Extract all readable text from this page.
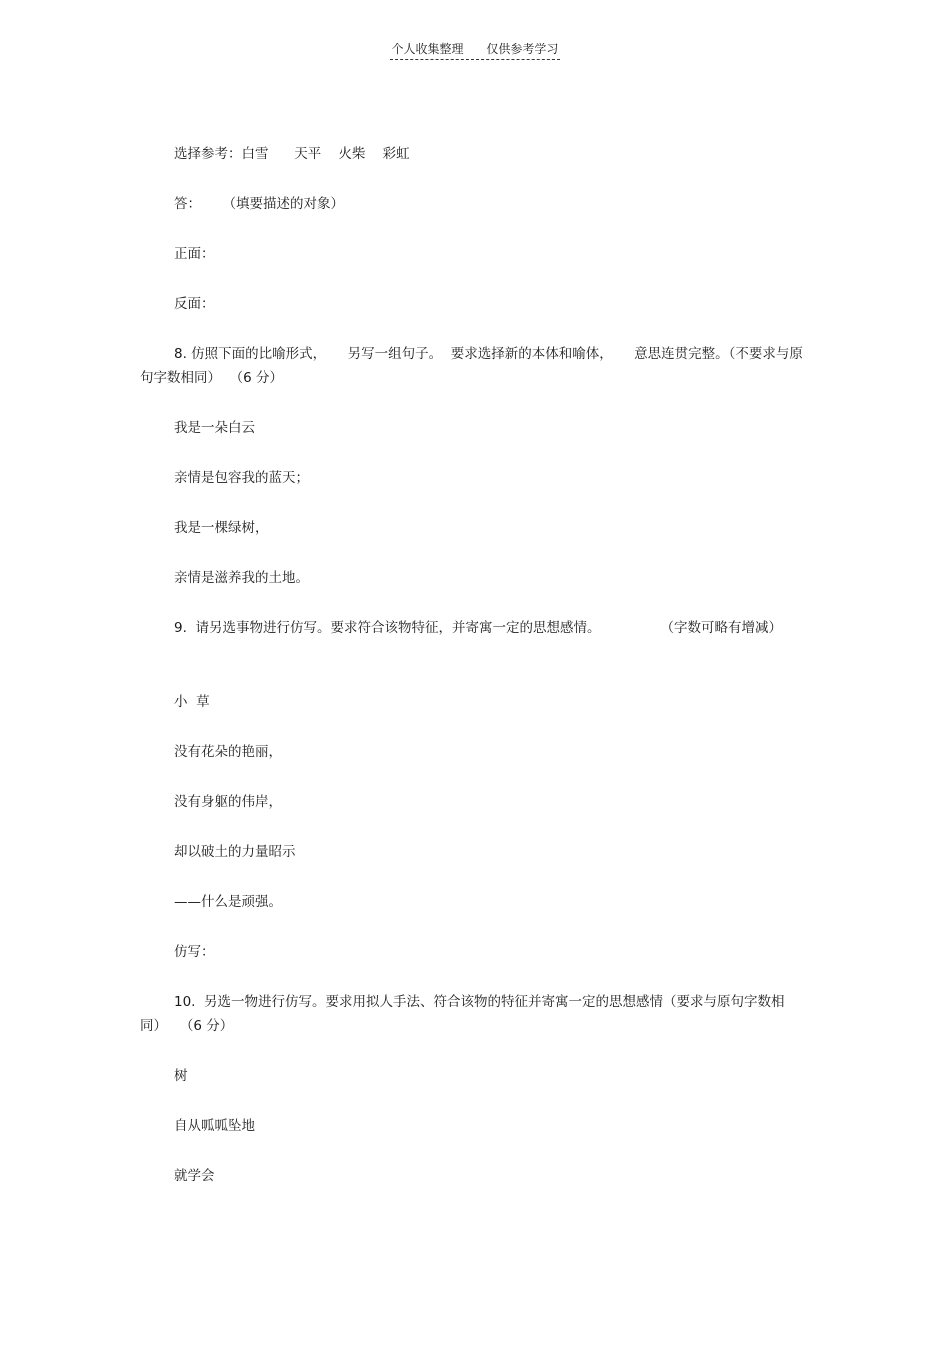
个人收集整理      仅供参考学习
选择参考：白雪      天平    火柴    彩虹
答：     （填要描述的对象）
正面：
反面：
8. 仿照下面的比喻形式，     另写一组句子。  要求选择新的本体和喻体，     意思连贯完整。（不要求与原句字数相同）  （6 分）
我是一朵白云
亲情是包容我的蓝天；
我是一棵绿树，
亲情是滋养我的土地。
9.  请另选事物进行仿写。要求符合该物特征，并寄寓一定的思想感情。              （字数可略有增减）
小  草
没有花朵的艳丽，
没有身躯的伟岸，
却以破土的力量昭示
——什么是顽强。
仿写：
10.  另选一物进行仿写。要求用拟人手法、符合该物的特征并寄寓一定的思想感情（要求与原句字数相同）   （6 分）
树
自从呱呱坠地
就学会
